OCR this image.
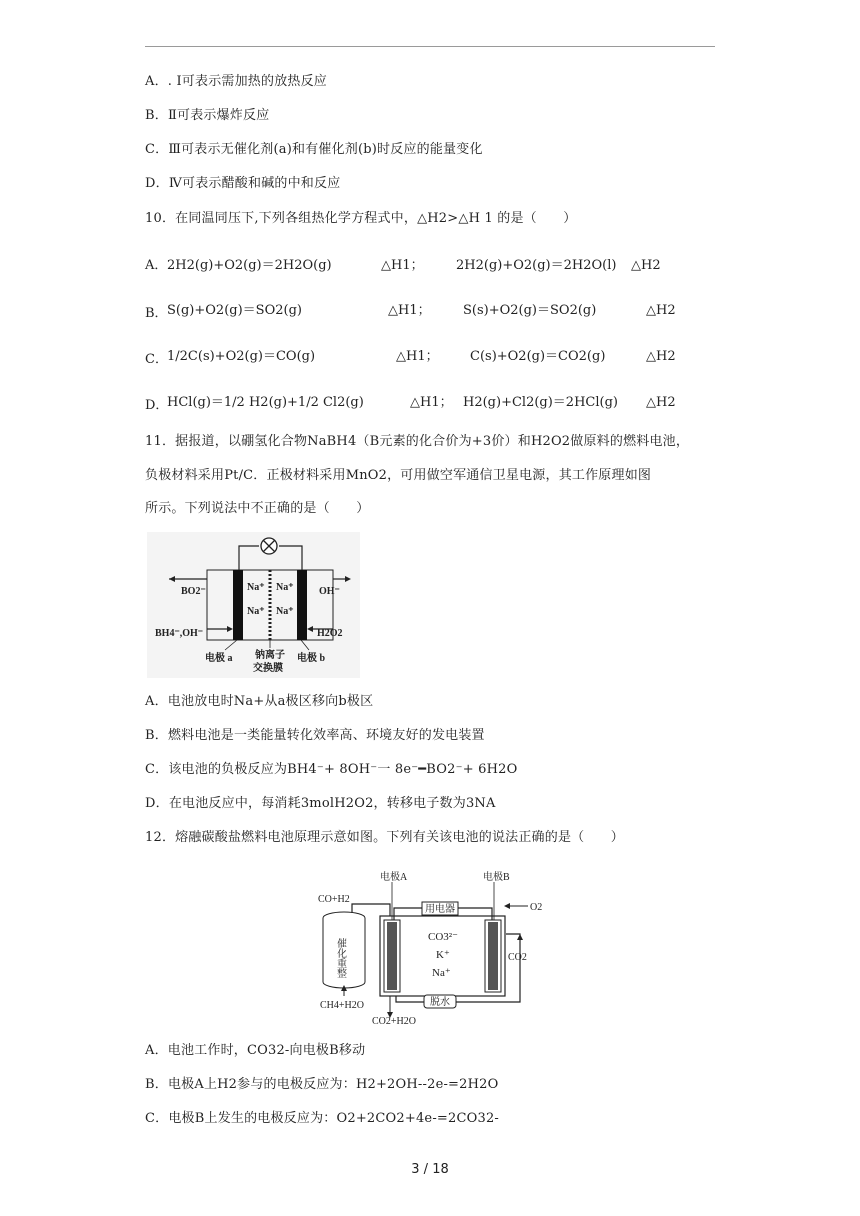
A．. Ⅰ可表示需加热的放热反应
B．Ⅱ可表示爆炸反应
C．Ⅲ可表示无催化剂(a)和有催化剂(b)时反应的能量变化
D．Ⅳ可表示醋酸和碱的中和反应
10．在同温同压下,下列各组热化学方程式中，△H2>△H 1 的是（　　）
A． 2H2(g)+O2(g)＝2H2O(g)	△H1； 2H2(g)+O2(g)＝2H2O(l) △H2
B． S(g)+O2(g)＝SO2(g)	△H1； S(s)+O2(g)＝SO2(g)	△H2
C． 1/2C(s)+O2(g)＝CO(g)	△H1； C(s)+O2(g)＝CO2(g)	△H2
D．
HCl(g)＝1/2 H2(g)+1/2 Cl2(g)	△H1； H2(g)+Cl2(g)＝2HCl(g) △H2
11．据报道，以硼氢化合物NaBH4（B元素的化合价为+3价）和H2O2做原料的燃料电池，
负极材料采用Pt/C．正极材料采用MnO2，可用做空军通信卫星电源，其工作原理如图
所示。下列说法中不正确的是（　　）
BO2⁻
BH4⁻,OH⁻
OH⁻
H2O2
Na⁺ Na⁺
Na⁺ Na⁺
电极 a	电极 b
钠离子
交换膜
A．电池放电时Na+从a极区移向b极区
B．燃料电池是一类能量转化效率高、环境友好的发电装置
C．该电池的负极反应为BH4⁻+ 8OH⁻一 8e⁻━BO2⁻+ 6H2O
D．在电池反应中，每消耗3molH2O2，转移电子数为3NA
12．熔融碳酸盐燃料电池原理示意如图。下列有关该电池的说法正确的是（　　）
催化重整
用电器
电极A	电极B
CO+H2
O2
CO2
脱水
CH4+H2O
CO2+H2O
CO3²⁻
K⁺
Na⁺
A．电池工作时，CO32-向电极B移动
B．电极A上H2参与的电极反应为：H2+2OH--2e-=2H2O
C．电极B上发生的电极反应为：O2+2CO2+4e-=2CO32-
3 / 18
